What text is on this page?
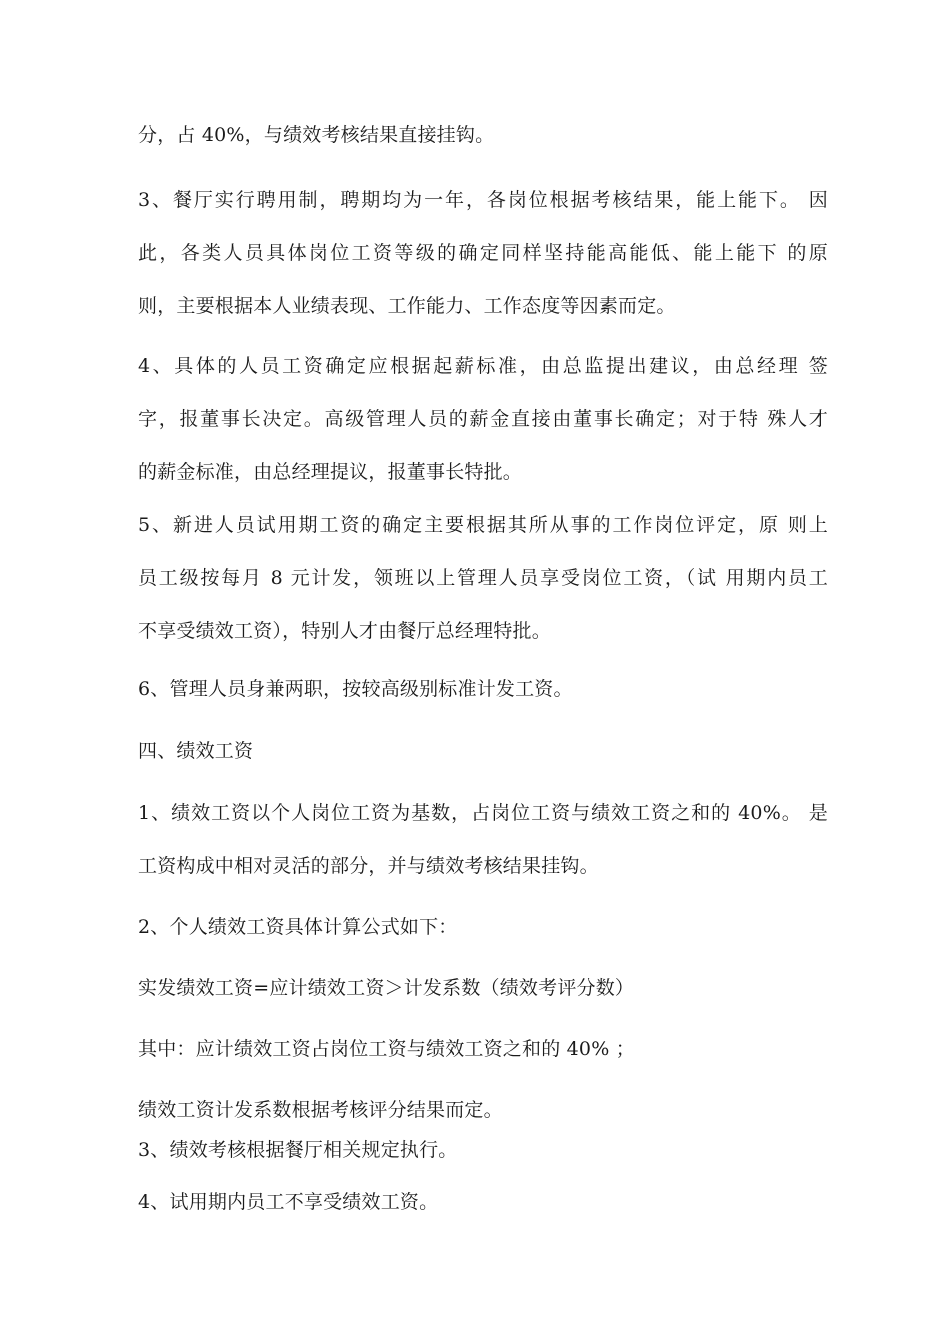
分，占 40%，与绩效考核结果直接挂钩。
3、餐厅实行聘用制，聘期均为一年，各岗位根据考核结果，能上能下。 因
此，各类人员具体岗位工资等级的确定同样坚持能高能低、能上能下 的原
则，主要根据本人业绩表现、工作能力、工作态度等因素而定。
4、具体的人员工资确定应根据起薪标准，由总监提出建议，由总经理 签
字，报董事长决定。高级管理人员的薪金直接由董事长确定；对于特 殊人才
的薪金标准，由总经理提议，报董事长特批。
5、新进人员试用期工资的确定主要根据其所从事的工作岗位评定，原 则上
员工级按每月 8 元计发，领班以上管理人员享受岗位工资，（试 用期内员工
不享受绩效工资），特别人才由餐厅总经理特批。
6、管理人员身兼两职，按较高级别标准计发工资。
四、绩效工资
1、绩效工资以个人岗位工资为基数，占岗位工资与绩效工资之和的 40%。 是
工资构成中相对灵活的部分，并与绩效考核结果挂钩。
2、个人绩效工资具体计算公式如下：
实发绩效工资=应计绩效工资＞计发系数（绩效考评分数）
其中：应计绩效工资占岗位工资与绩效工资之和的 40% ；
绩效工资计发系数根据考核评分结果而定。
3、绩效考核根据餐厅相关规定执行。
4、试用期内员工不享受绩效工资。
